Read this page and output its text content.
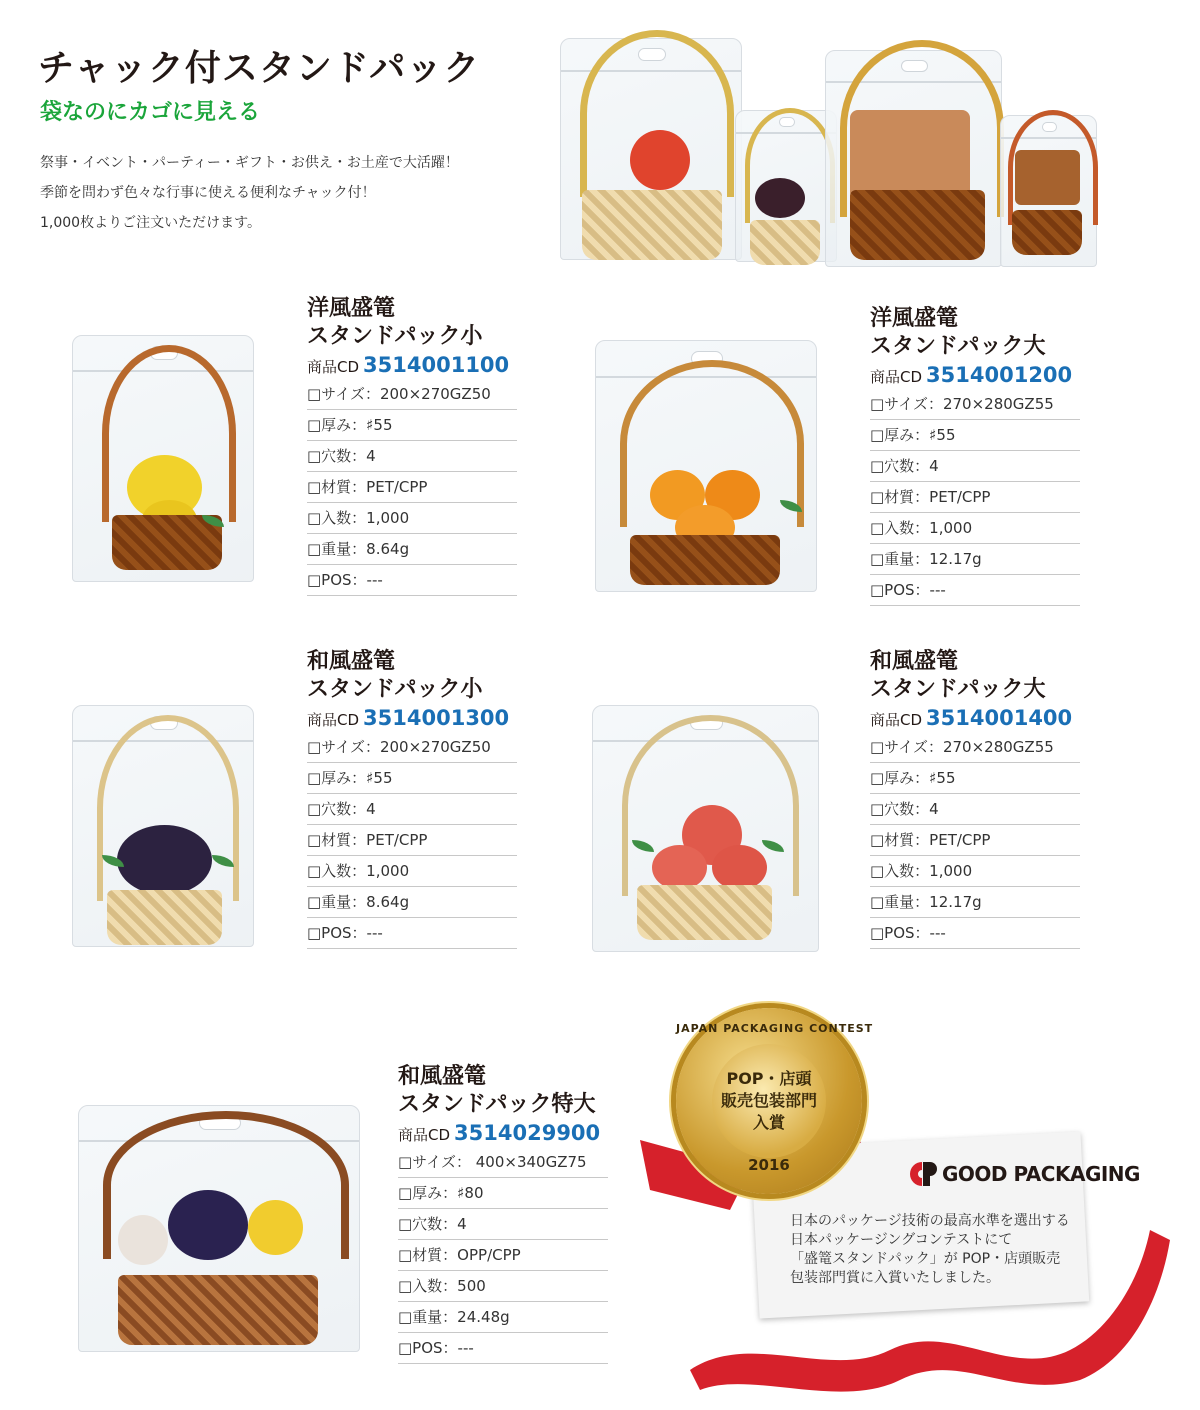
チャック付スタンドパック
袋なのにカゴに見える
祭事・イベント・パーティー・ギフト・お供え・お土産で大活躍！
季節を問わず色々な行事に使える便利なチャック付！
1,000枚よりご注文いただけます。
洋風盛篭
スタンドパック小
商品CD 3514001100
□サイズ：200×270GZ50
□厚み：♯55
□穴数：4
□材質：PET/CPP
□入数：1,000
□重量：8.64g
□POS：---
洋風盛篭
スタンドパック大
商品CD 3514001200
□サイズ：270×280GZ55
□厚み：♯55
□穴数：4
□材質：PET/CPP
□入数：1,000
□重量：12.17g
□POS：---
和風盛篭
スタンドパック小
商品CD 3514001300
□サイズ：200×270GZ50
□厚み：♯55
□穴数：4
□材質：PET/CPP
□入数：1,000
□重量：8.64g
□POS：---
和風盛篭
スタンドパック大
商品CD 3514001400
□サイズ：270×280GZ55
□厚み：♯55
□穴数：4
□材質：PET/CPP
□入数：1,000
□重量：12.17g
□POS：---
和風盛篭
スタンドパック特大
商品CD 3514029900
□サイズ： 400×340GZ75
□厚み：♯80
□穴数：4
□材質：OPP/CPP
□入数：500
□重量：24.48g
□POS：---
JAPAN PACKAGING CONTEST
POP・店頭
販売包装部門
入賞
2016	GOOD PACKAGING
日本のパッケージ技術の最高水準を選出する
日本パッケージングコンテストにて
「盛篭スタンドパック」が POP・店頭販売
包装部門賞に入賞いたしました。
